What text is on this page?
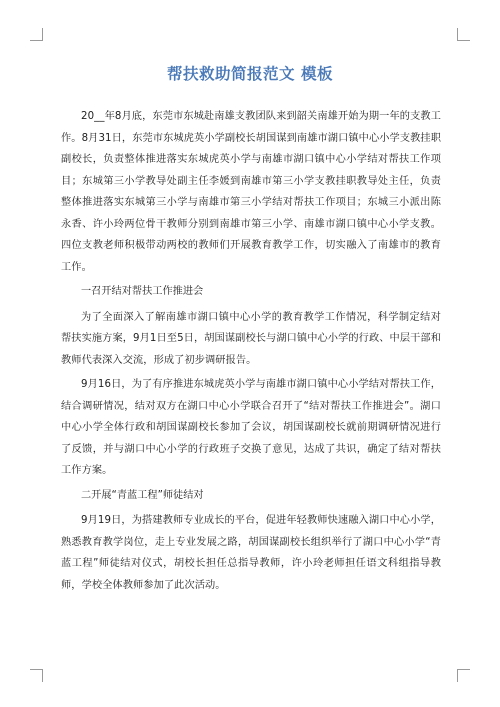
帮扶救助简报范文 模板

20__年8月底，东莞市东城赴南雄支教团队来到韶关南雄开始为期一年的支教工作。8月31日，东莞市东城虎英小学副校长胡国谋到南雄市湖口镇中心小学支教挂职副校长，负责整体推进落实东城虎英小学与南雄市湖口镇中心小学结对帮扶工作项目；东城第三小学教导处副主任李媛到南雄市第三小学支教挂职教导处主任，负责整体推进落实东城第三小学与南雄市第三小学结对帮扶工作项目；东城三小派出陈永香、许小玲两位骨干教师分别到南雄市第三小学、南雄市湖口镇中心小学支教。四位支教老师积极带动两校的教师们开展教育教学工作，切实融入了南雄市的教育工作。

一召开结对帮扶工作推进会

为了全面深入了解南雄市湖口镇中心小学的教育教学工作情况，科学制定结对帮扶实施方案，9月1日至5日，胡国谋副校长与湖口镇中心小学的行政、中层干部和教师代表深入交流，形成了初步调研报告。

9月16日，为了有序推进东城虎英小学与南雄市湖口镇中心小学结对帮扶工作，结合调研情况，结对双方在湖口中心小学联合召开了“结对帮扶工作推进会”。湖口中心小学全体行政和胡国谋副校长参加了会议，胡国谋副校长就前期调研情况进行了反馈，并与湖口中心小学的行政班子交换了意见，达成了共识，确定了结对帮扶工作方案。

二开展“青蓝工程”师徒结对

9月19日，为搭建教师专业成长的平台，促进年轻教师快速融入湖口中心小学，熟悉教育教学岗位，走上专业发展之路，胡国谋副校长组织举行了湖口中心小学“青蓝工程”师徒结对仪式，胡校长担任总指导教师，许小玲老师担任语文科组指导教师，学校全体教师参加了此次活动。
